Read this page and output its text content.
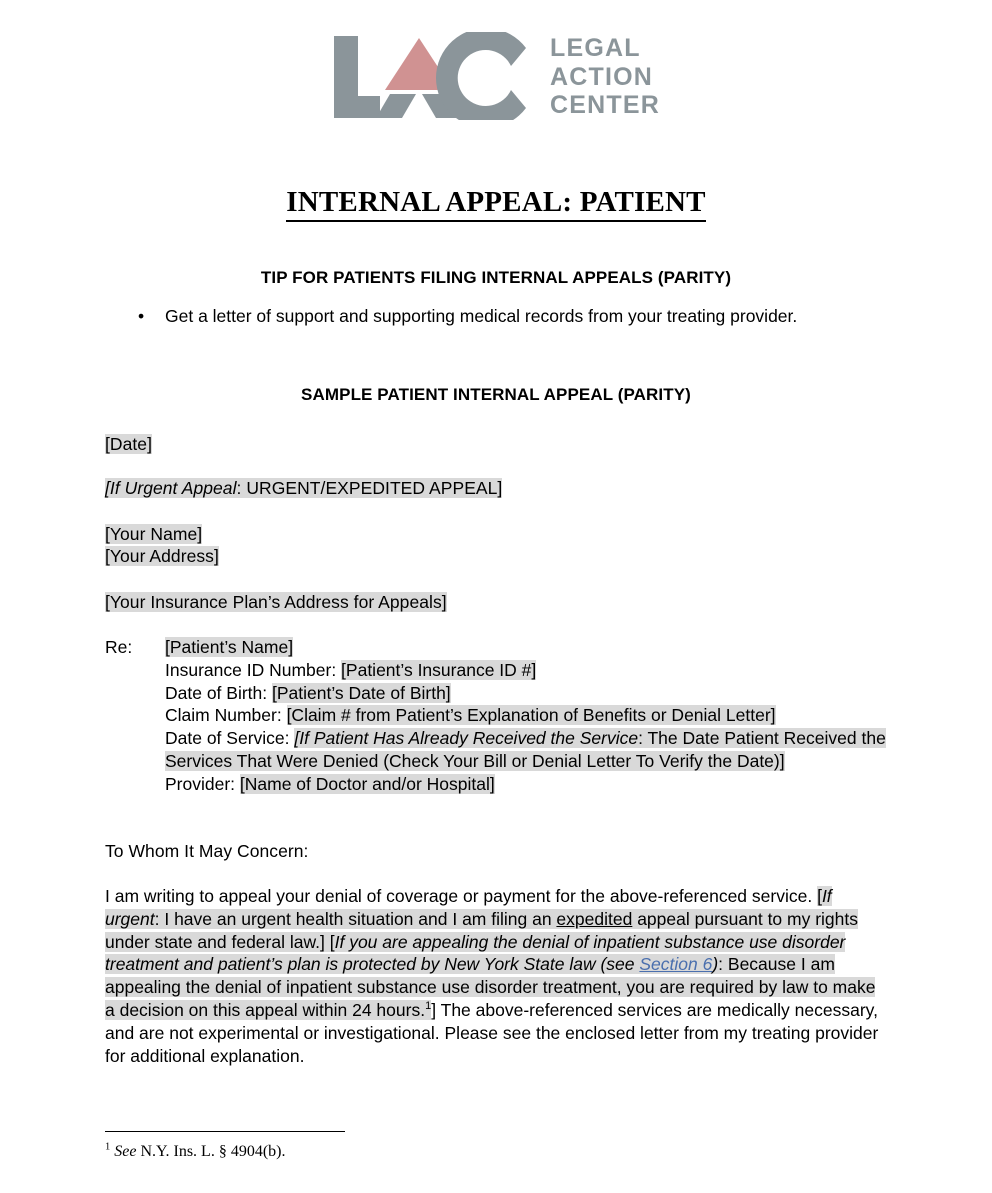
LEGAL
ACTION
CENTER
INTERNAL APPEAL: PATIENT
TIP FOR PATIENTS FILING INTERNAL APPEALS (PARITY)
• Get a letter of support and supporting medical records from your treating provider.
SAMPLE PATIENT INTERNAL APPEAL (PARITY)
[Date]
[If Urgent Appeal: URGENT/EXPEDITED APPEAL]
[Your Name]
[Your Address]
[Your Insurance Plan’s Address for Appeals]
Re: [Patient’s Name]
Insurance ID Number: [Patient’s Insurance ID #]
Date of Birth: [Patient’s Date of Birth]
Claim Number: [Claim # from Patient’s Explanation of Benefits or Denial Letter]
Date of Service: [If Patient Has Already Received the Service: The Date Patient Received the Services That Were Denied (Check Your Bill or Denial Letter To Verify the Date)]
Provider: [Name of Doctor and/or Hospital]
To Whom It May Concern:
I am writing to appeal your denial of coverage or payment for the above-referenced service. [If urgent: I have an urgent health situation and I am filing an expedited appeal pursuant to my rights under state and federal law.] [If you are appealing the denial of inpatient substance use disorder treatment and patient’s plan is protected by New York State law (see Section 6): Because I am appealing the denial of inpatient substance use disorder treatment, you are required by law to make a decision on this appeal within 24 hours.$^1$] The above-referenced services are medically necessary, and are not experimental or investigational. Please see the enclosed letter from my treating provider for additional explanation.
$^1$ See N.Y. Ins. L. § 4904(b).
